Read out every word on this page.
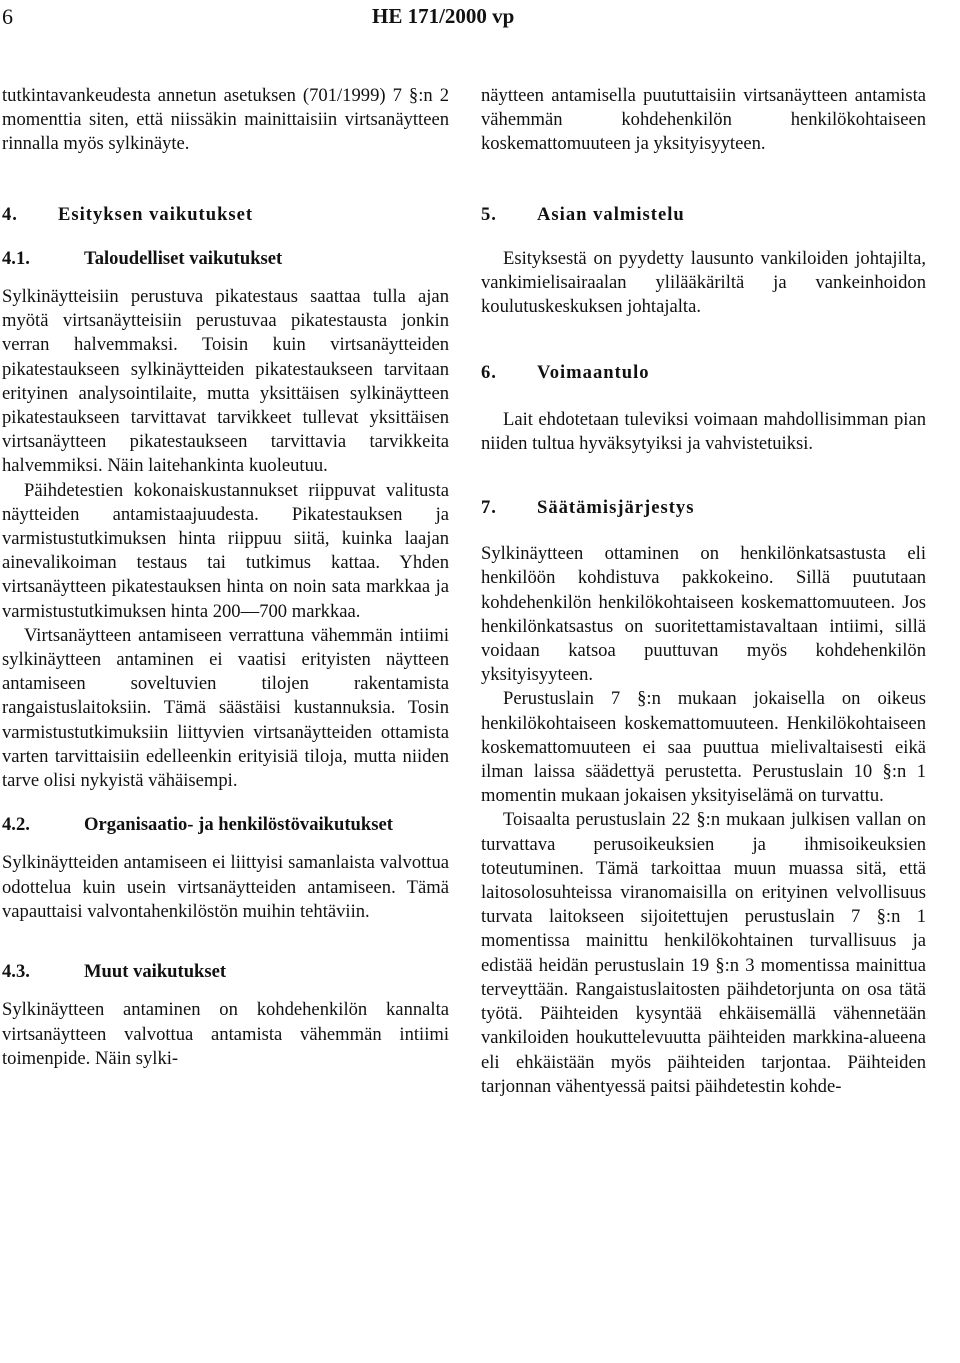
6	HE 171/2000 vp

tutkintavankeudesta annetun asetuksen (701/1999) 7 §:n 2 momenttia siten, että niissäkin mainittaisiin virtsanäytteen rinnalla myös sylkinäyte.

4.	Esityksen vaikutukset
4.1.	Taloudelliset vaikutukset

Sylkinäytteisiin perustuva pikatestaus saattaa tulla ajan myötä virtsanäytteisiin perustuvaa pikatestausta jonkin verran halvemmaksi. Toisin kuin virtsanäytteiden pikatestaukseen sylkinäytteiden pikatestaukseen tarvitaan erityinen analysointilaite, mutta yksittäisen sylkinäytteen pikatestaukseen tarvittavat tarvikkeet tullevat yksittäisen virtsanäytteen pikatestaukseen tarvittavia tarvikkeita halvemmiksi. Näin laitehankinta kuoleutuu.

Päihdetestien kokonaiskustannukset riippuvat valitusta näytteiden antamistaajuudesta. Pikatestauksen ja varmistustutkimuksen hinta riippuu siitä, kuinka laajan ainevalikoiman testaus tai tutkimus kattaa. Yhden virtsanäytteen pikatestauksen hinta on noin sata markkaa ja varmistustutkimuksen hinta 200—700 markkaa.

Virtsanäytteen antamiseen verrattuna vähemmän intiimi sylkinäytteen antaminen ei vaatisi erityisten näytteen antamiseen soveltuvien tilojen rakentamista rangaistuslaitoksiin. Tämä säästäisi kustannuksia. Tosin varmistustutkimuksiin liittyvien virtsanäytteiden ottamista varten tarvittaisiin edelleenkin erityisiä tiloja, mutta niiden tarve olisi nykyistä vähäisempi.

4.2.	Organisaatio- ja henkilöstövaikutukset

Sylkinäytteiden antamiseen ei liittyisi samanlaista valvottua odotteluа kuin usein virtsanäytteiden antamiseen. Tämä vapauttaisi valvontahenkilöstön muihin tehtäviin.

4.3.	Muut vaikutukset

Sylkinäytteen antaminen on kohdehenkilön kannalta virtsanäytteen valvottua antamista vähemmän intiimi toimenpide. Näin sylki-

näytteen antamisella puututtaisiin virtsanäytteen antamista vähemmän kohdehenkilön henkilökohtaiseen koskemattomuuteen ja yksityisyyteen.

5.	Asian valmistelu

Esityksestä on pyydetty lausunto vankiloiden johtajilta, vankimielisairaalan ylilääkäriltä ja vankeinhoidon koulutuskeskuksen johtajalta.

6.	Voimaantulo

Lait ehdotetaan tuleviksi voimaan mahdollisimman pian niiden tultua hyväksytyiksi ja vahvistetuiksi.

7.	Säätämisjärjestys

Sylkinäytteen ottaminen on henkilönkatsastusta eli henkilöön kohdistuva pakkokeino. Sillä puututaan kohdehenkilön henkilökohtaiseen koskemattomuuteen. Jos henkilönkatsastus on suoritettamistavaltaan intiimi, sillä voidaan katsoa puuttuvan myös kohdehenkilön yksityisyyteen.

Perustuslain 7 §:n mukaan jokaisella on oikeus henkilökohtaiseen koskemattomuuteen. Henkilökohtaiseen koskemattomuuteen ei saa puuttua mielivaltaisesti eikä ilman laissa säädettyä perustetta. Perustuslain 10 §:n 1 momentin mukaan jokaisen yksityiselämä on turvattu.

Toisaalta perustuslain 22 §:n mukaan julkisen vallan on turvattava perusoikeuksien ja ihmisoikeuksien toteutuminen. Tämä tarkoittaa muun muassa sitä, että laitosolosuhteissa viranomaisilla on erityinen velvollisuus turvata laitokseen sijoitettujen perustuslain 7 §:n 1 momentissa mainittu henkilökohtainen turvallisuus ja edistää heidän perustuslain 19 §:n 3 momentissa mainittua terveyttään. Rangaistuslaitosten päihdetorjunta on osa tätä työtä. Päihteiden kysyntää ehkäisemällä vähennetään vankiloiden houkuttelevuutta päihteiden markkina-alueena eli ehkäistään myös päihteiden tarjontaa. Päihteiden tarjonnan vähentyessä paitsi päihdetestin kohde-
